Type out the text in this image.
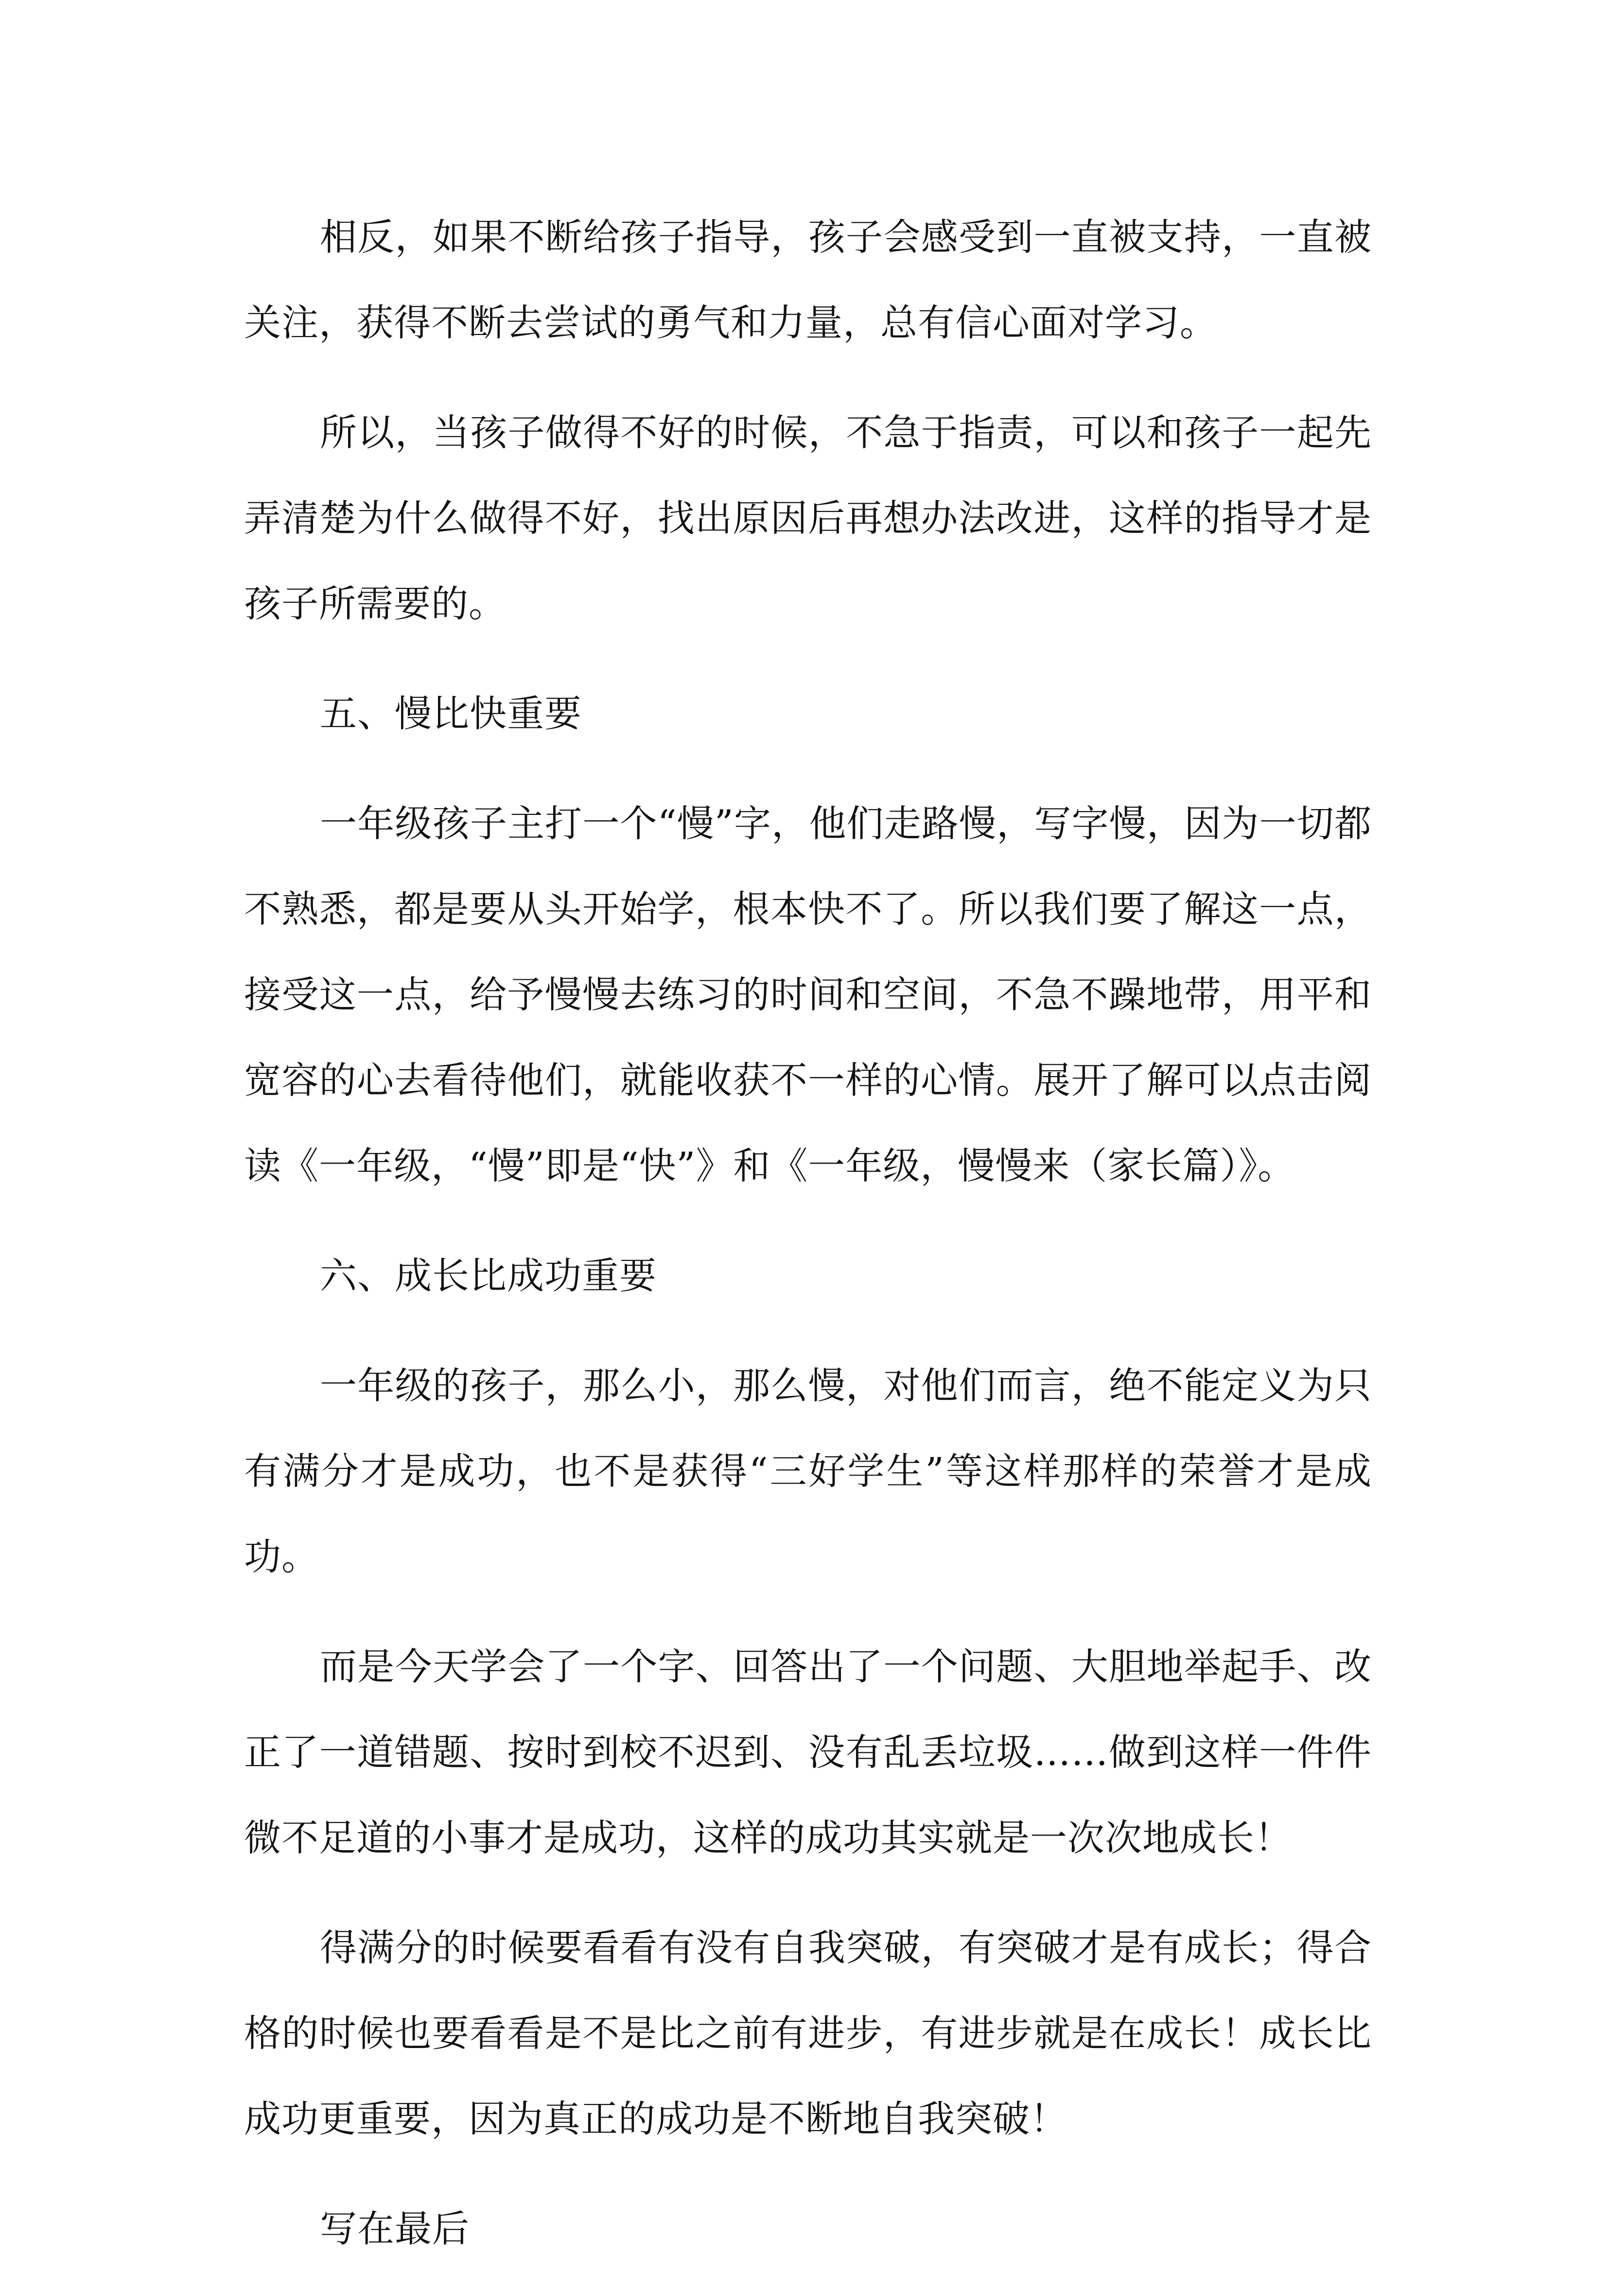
相反，如果不断给孩子指导，孩子会感受到一直被支持，一直被关注，获得不断去尝试的勇气和力量，总有信心面对学习。

所以，当孩子做得不好的时候，不急于指责，可以和孩子一起先弄清楚为什么做得不好，找出原因后再想办法改进，这样的指导才是孩子所需要的。

五、慢比快重要

一年级孩子主打一个“慢”字，他们走路慢，写字慢，因为一切都不熟悉，都是要从头开始学，根本快不了。所以我们要了解这一点，接受这一点，给予慢慢去练习的时间和空间，不急不躁地带，用平和宽容的心去看待他们，就能收获不一样的心情。展开了解可以点击阅读《一年级，“慢”即是“快”》和《一年级，慢慢来（家长篇）》。

六、成长比成功重要

一年级的孩子，那么小，那么慢，对他们而言，绝不能定义为只有满分才是成功，也不是获得“三好学生”等这样那样的荣誉才是成功。

而是今天学会了一个字、回答出了一个问题、大胆地举起手、改正了一道错题、按时到校不迟到、没有乱丢垃圾……做到这样一件件微不足道的小事才是成功，这样的成功其实就是一次次地成长！

得满分的时候要看看有没有自我突破，有突破才是有成长；得合格的时候也要看看是不是比之前有进步，有进步就是在成长！成长比成功更重要，因为真正的成功是不断地自我突破！

写在最后
